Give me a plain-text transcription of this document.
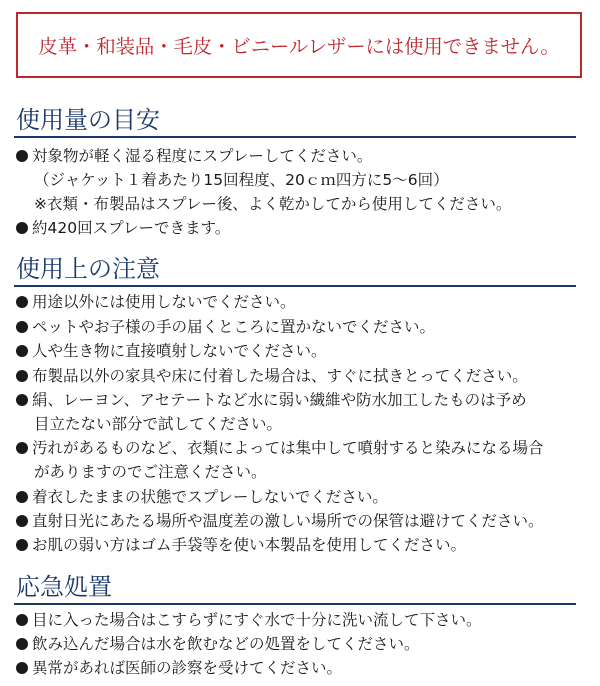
皮革・和装品・毛皮・ビニールレザーには使用できません。
使用量の目安
対象物が軽く湿る程度にスプレーしてください。
（ジャケット１着あたり15回程度、20ｃｍ四方に5〜6回）
※衣類・布製品はスプレー後、よく乾かしてから使用してください。
約420回スプレーできます。
使用上の注意
用途以外には使用しないでください。
ペットやお子様の手の届くところに置かないでください。
人や生き物に直接噴射しないでください。
布製品以外の家具や床に付着した場合は、すぐに拭きとってください。
絹、レーヨン、アセテートなど水に弱い繊維や防水加工したものは予め
目立たない部分で試してください。
汚れがあるものなど、衣類によっては集中して噴射すると染みになる場合
がありますのでご注意ください。
着衣したままの状態でスプレーしないでください。
直射日光にあたる場所や温度差の激しい場所での保管は避けてください。
お肌の弱い方はゴム手袋等を使い本製品を使用してください。
応急処置
目に入った場合はこすらずにすぐ水で十分に洗い流して下さい。
飲み込んだ場合は水を飲むなどの処置をしてください。
異常があれば医師の診察を受けてください。
